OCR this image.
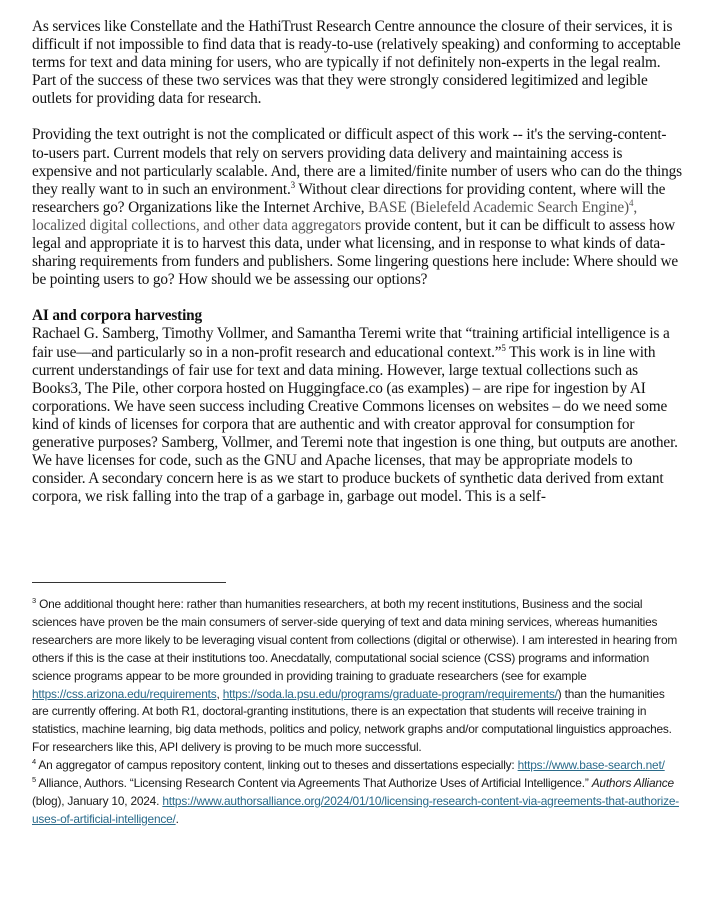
As services like Constellate and the HathiTrust Research Centre announce the closure of their services, it is difficult if not impossible to find data that is ready-to-use (relatively speaking) and conforming to acceptable terms for text and data mining for users, who are typically if not definitely non-experts in the legal realm. Part of the success of these two services was that they were strongly considered legitimized and legible outlets for providing data for research.

Providing the text outright is not the complicated or difficult aspect of this work -- it's the serving-content-to-users part. Current models that rely on servers providing data delivery and maintaining access is expensive and not particularly scalable. And, there are a limited/finite number of users who can do the things they really want to in such an environment.$^3$ Without clear directions for providing content, where will the researchers go? Organizations like the Internet Archive, BASE (Bielefeld Academic Search Engine)$^4$, localized digital collections, and other data aggregators provide content, but it can be difficult to assess how legal and appropriate it is to harvest this data, under what licensing, and in response to what kinds of data-sharing requirements from funders and publishers. Some lingering questions here include: Where should we be pointing users to go? How should we be assessing our options?

AI and corpora harvesting

Rachael G. Samberg, Timothy Vollmer, and Samantha Teremi write that “training artificial intelligence is a fair use—and particularly so in a non-profit research and educational context.”$^5$ This work is in line with current understandings of fair use for text and data mining. However, large textual collections such as Books3, The Pile, other corpora hosted on Huggingface.co (as examples) – are ripe for ingestion by AI corporations. We have seen success including Creative Commons licenses on websites – do we need some kind of kinds of licenses for corpora that are authentic and with creator approval for consumption for generative purposes? Samberg, Vollmer, and Teremi note that ingestion is one thing, but outputs are another. We have licenses for code, such as the GNU and Apache licenses, that may be appropriate models to consider. A secondary concern here is as we start to produce buckets of synthetic data derived from extant corpora, we risk falling into the trap of a garbage in, garbage out model. This is a self-

$^3$ One additional thought here: rather than humanities researchers, at both my recent institutions, Business and the social sciences have proven be the main consumers of server-side querying of text and data mining services, whereas humanities researchers are more likely to be leveraging visual content from collections (digital or otherwise). I am interested in hearing from others if this is the case at their institutions too. Anecdatally, computational social science (CSS) programs and information science programs appear to be more grounded in providing training to graduate researchers (see for example https://css.arizona.edu/requirements, https://soda.la.psu.edu/programs/graduate-program/requirements/) than the humanities are currently offering. At both R1, doctoral-granting institutions, there is an expectation that students will receive training in statistics, machine learning, big data methods, politics and policy, network graphs and/or computational linguistics approaches. For researchers like this, API delivery is proving to be much more successful.

$^4$ An aggregator of campus repository content, linking out to theses and dissertations especially: https://www.base-search.net/

$^5$ Alliance, Authors. “Licensing Research Content via Agreements That Authorize Uses of Artificial Intelligence.” Authors Alliance (blog), January 10, 2024. https://www.authorsalliance.org/2024/01/10/licensing-research-content-via-agreements-that-authorize-uses-of-artificial-intelligence/.
